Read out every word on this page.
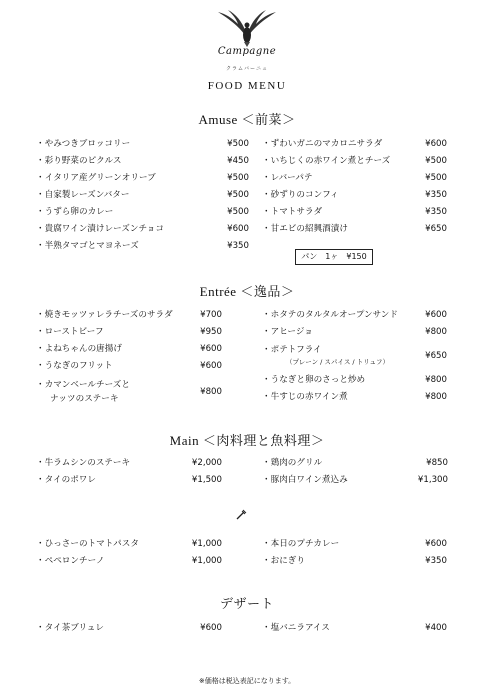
Campagne
クラムバーニュ
FOOD MENU
Amuse ＜前菜＞
・やみつきブロッコリー	¥500
・彩り野菜のピクルス	¥450
・イタリア産グリーンオリーブ	¥500
・自家製レーズンバター	¥500
・うずら卵のカレー	¥500
・貴腐ワイン漬けレーズンチョコ	¥600
・半熟タマゴとマヨネーズ	¥350
・ずわいガニのマカロニサラダ	¥600
・いちじくの赤ワイン煮とチーズ	¥500
・レバーパテ	¥500
・砂ずりのコンフィ	¥350
・トマトサラダ	¥350
・甘エビの紹興酒漬け	¥650
パン　1ヶ　¥150
Entrée ＜逸品＞
・焼きモッツァレラチーズのサラダ	¥700
・ローストビーフ	¥950
・よねちゃんの唐揚げ	¥600
・うなぎのフリット	¥600
・カマンベールチーズと
ナッツのステーキ
¥800
・ホタテのタルタルオープンサンド	¥600
・アヒージョ	¥800
・ポテトフライ
（プレーン / スパイス / トリュフ）
¥650
・うなぎと卵のさっと炒め	¥800
・牛すじの赤ワイン煮	¥800
Main ＜肉料理と魚料理＞
・牛ラムシンのステーキ	¥2,000
・タイのポワレ	¥1,500
・鶏肉のグリル	¥850
・豚肉白ワイン煮込み	¥1,300
・ひっさーのトマトパスタ	¥1,000
・ペペロンチーノ	¥1,000
・本日のプチカレー	¥600
・おにぎり	¥350
デザート
・タイ茶ブリュレ	¥600	・塩バニラアイス	¥400
※価格は税込表記になります。
